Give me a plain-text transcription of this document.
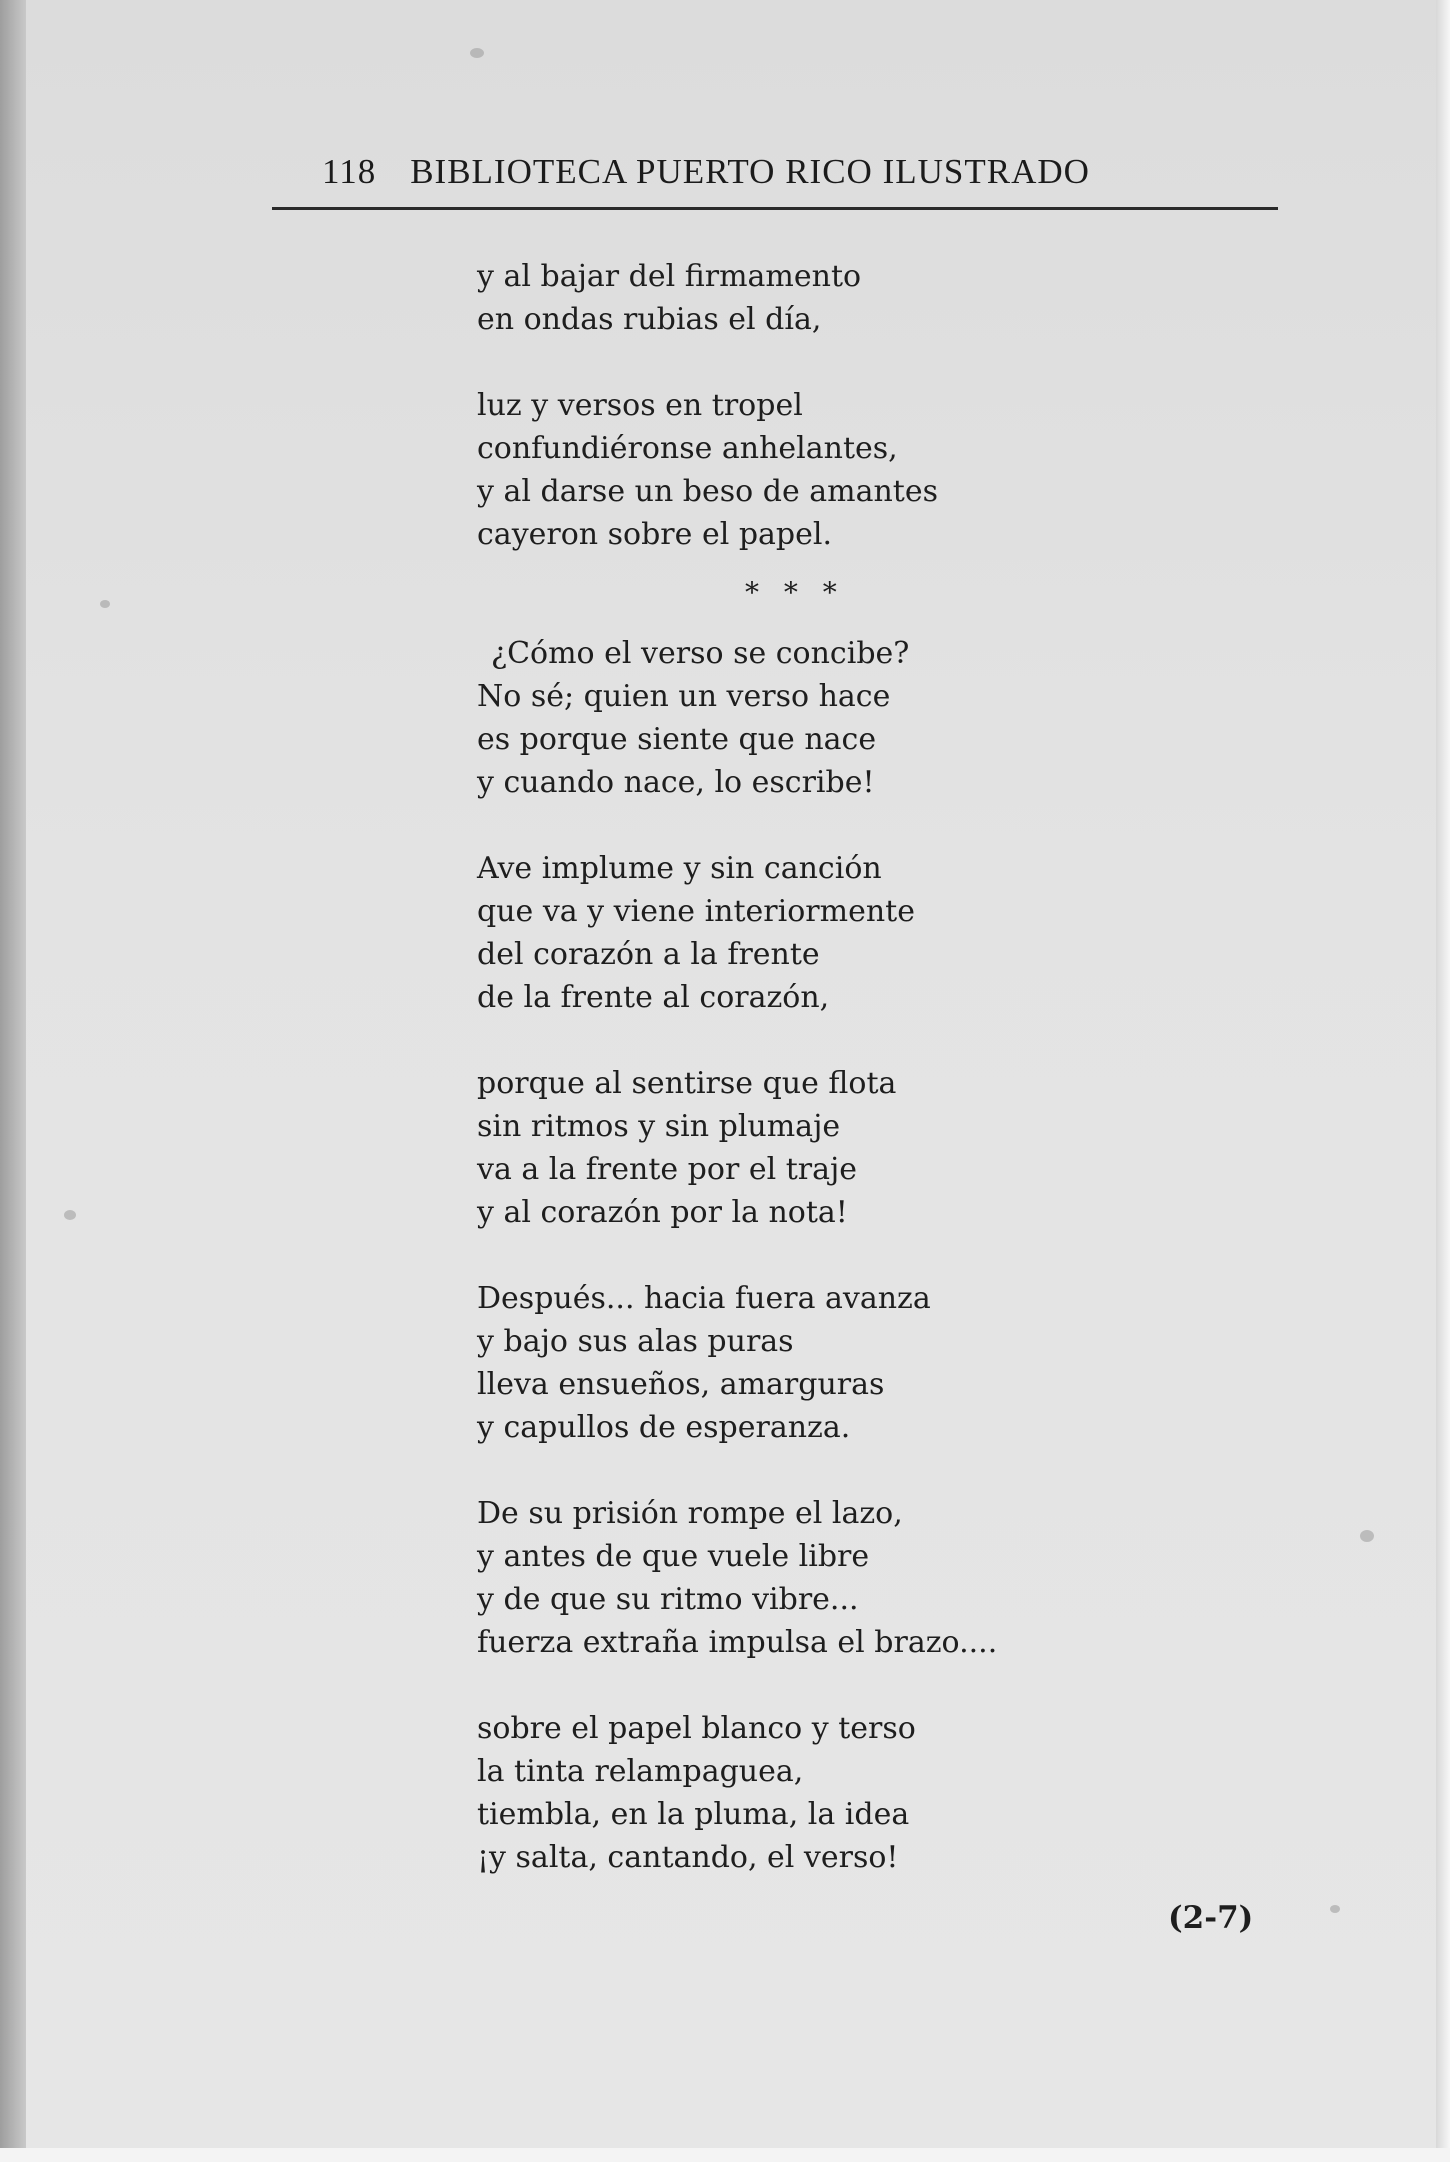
118 BIBLIOTECA PUERTO RICO ILUSTRADO
y al bajar del firmamento
en ondas rubias el día,
luz y versos en tropel
confundiéronse anhelantes,
y al darse un beso de amantes
cayeron sobre el papel.
* * *
¿Cómo el verso se concibe?
No sé; quien un verso hace
es porque siente que nace
y cuando nace, lo escribe!
Ave implume y sin canción
que va y viene interiormente
del corazón a la frente
de la frente al corazón,
porque al sentirse que flota
sin ritmos y sin plumaje
va a la frente por el traje
y al corazón por la nota!
Después... hacia fuera avanza
y bajo sus alas puras
lleva ensueños, amarguras
y capullos de esperanza.
De su prisión rompe el lazo,
y antes de que vuele libre
y de que su ritmo vibre...
fuerza extraña impulsa el brazo....
sobre el papel blanco y terso
la tinta relampaguea,
tiembla, en la pluma, la idea
¡y salta, cantando, el verso!
(2-7)
